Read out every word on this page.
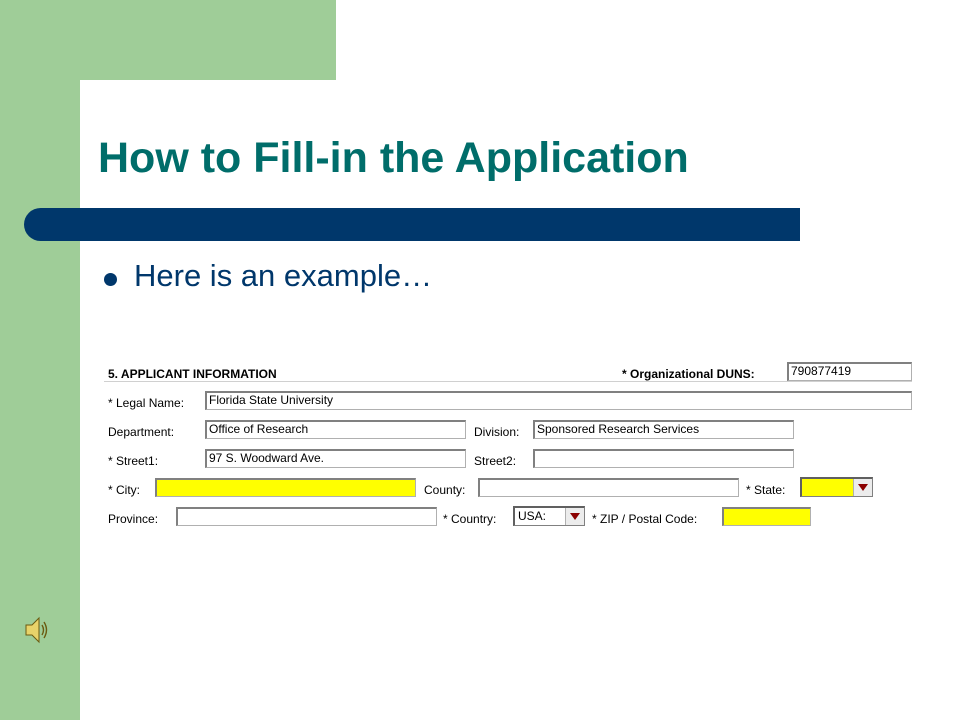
How to Fill-in the Application
Here is an example…
5. APPLICANT INFORMATION	* Organizational DUNS:	790877419
* Legal Name:	Florida State University
Department:	Office of Research	Division:	Sponsored Research Services
* Street1:	97 S. Woodward Ave.	Street2:
* City:	County:	* State:
Province:	* Country: USA:	* ZIP / Postal Code:
